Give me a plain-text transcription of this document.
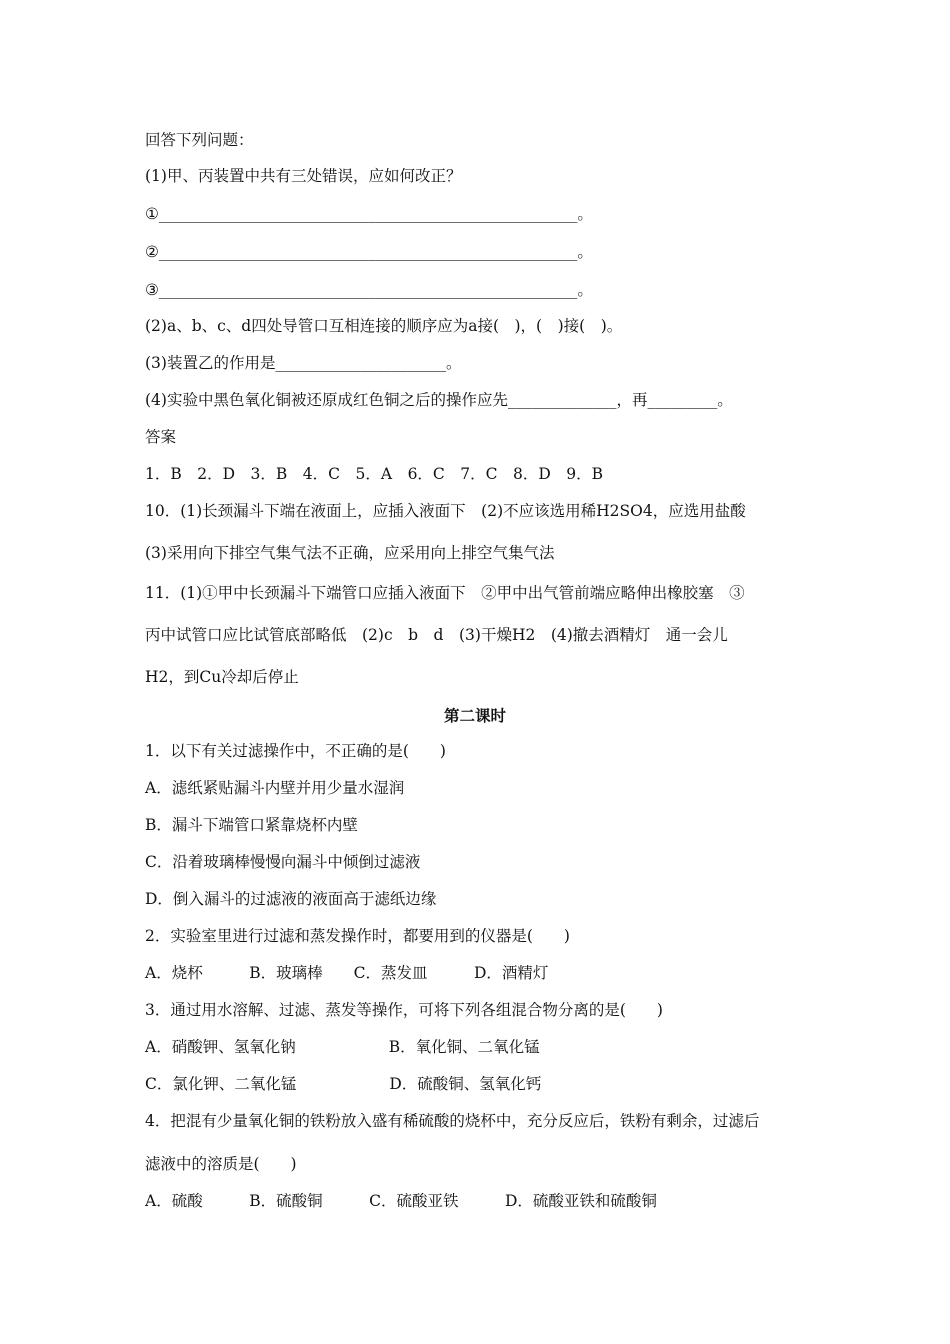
回答下列问题：
(1)甲、丙装置中共有三处错误，应如何改正？
①______________________________________________________。
②______________________________________________________。
③______________________________________________________。
(2)a、b、c、d四处导管口互相连接的顺序应为a接(　)，(　)接(　)。
(3)装置乙的作用是______________________。
(4)实验中黑色氧化铜被还原成红色铜之后的操作应先______________，再_________。
答案
1．B　2．D　3．B　4．C　5．A　6．C　7．C　8．D　9．B
10．(1)长颈漏斗下端在液面上，应插入液面下　(2)不应该选用稀H2SO4，应选用盐酸
(3)采用向下排空气集气法不正确，应采用向上排空气集气法
11．(1)①甲中长颈漏斗下端管口应插入液面下　②甲中出气管前端应略伸出橡胶塞　③
丙中试管口应比试管底部略低　(2)c　b　d　(3)干燥H2　(4)撤去酒精灯　通一会儿
H2，到Cu冷却后停止
第二课时
1．以下有关过滤操作中，不正确的是(　　)
A．滤纸紧贴漏斗内壁并用少量水湿润
B．漏斗下端管口紧靠烧杯内壁
C．沿着玻璃棒慢慢向漏斗中倾倒过滤液
D．倒入漏斗的过滤液的液面高于滤纸边缘
2．实验室里进行过滤和蒸发操作时，都要用到的仪器是(　　)
A．烧杯　　　B．玻璃棒　　C．蒸发皿　　　D．酒精灯
3．通过用水溶解、过滤、蒸发等操作，可将下列各组混合物分离的是(　　)
A．硝酸钾、氢氧化钠　　　　　　B．氧化铜、二氧化锰
C．氯化钾、二氧化锰　　　　　　D．硫酸铜、氢氧化钙
4．把混有少量氧化铜的铁粉放入盛有稀硫酸的烧杯中，充分反应后，铁粉有剩余，过滤后
滤液中的溶质是(　　)
A．硫酸　　　B．硫酸铜　　　C．硫酸亚铁　　　D．硫酸亚铁和硫酸铜
